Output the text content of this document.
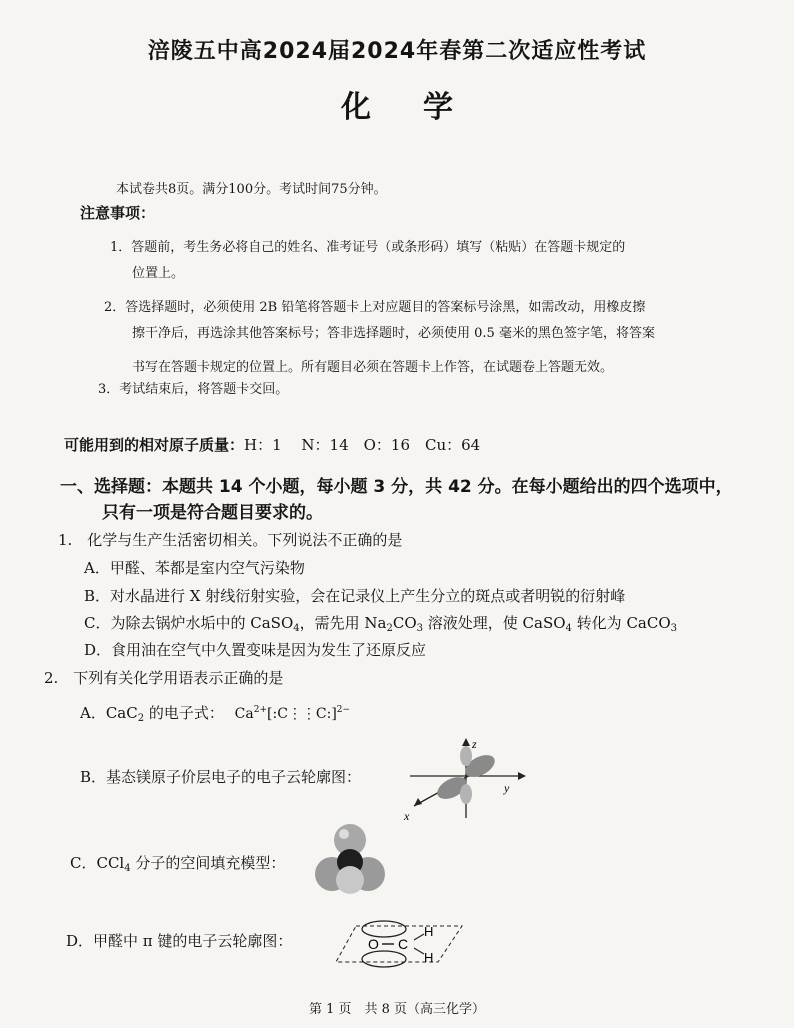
涪陵五中高2024届2024年春第二次适应性考试
化学
本试卷共8页。满分100分。考试时间75分钟。
注意事项：
1．答题前，考生务必将自己的姓名、准考证号（或条形码）填写（粘贴）在答题卡规定的
位置上。
2．答选择题时，必须使用 2B 铅笔将答题卡上对应题目的答案标号涂黑，如需改动，用橡皮擦
擦干净后，再选涂其他答案标号；答非选择题时，必须使用 0.5 毫米的黑色签字笔，将答案
书写在答题卡规定的位置上。所有题目必须在答题卡上作答，在试题卷上答题无效。
3．考试结束后，将答题卡交回。
可能用到的相对原子质量：H：1　 N：14　O：16　Cu：64
一、选择题：本题共 14 个小题，每小题 3 分，共 42 分。在每小题给出的四个选项中，
只有一项是符合题目要求的。
1.　化学与生产生活密切相关。下列说法不正确的是
A．甲醛、苯都是室内空气污染物
B．对水晶进行 X 射线衍射实验，会在记录仪上产生分立的斑点或者明锐的衍射峰
C．为除去锅炉水垢中的 CaSO$_4$，需先用 $Na_2CO_3$ 溶液处理，使 CaSO$_4$ 转化为 CaCO$_3$
D．食用油在空气中久置变味是因为发生了还原反应
2.　下列有关化学用语表示正确的是
A．CaC$_2$ 的电子式： $Ca^{2+}[:C⋮⋮C:]^{2-}$
B．基态镁原子价层电子的电子云轮廓图：
z
y
x
C．CCl$_4$ 分子的空间填充模型：
D．甲醛中 π 键的电子云轮廓图：	O C
H
H
第 1 页　共 8 页（高三化学）
